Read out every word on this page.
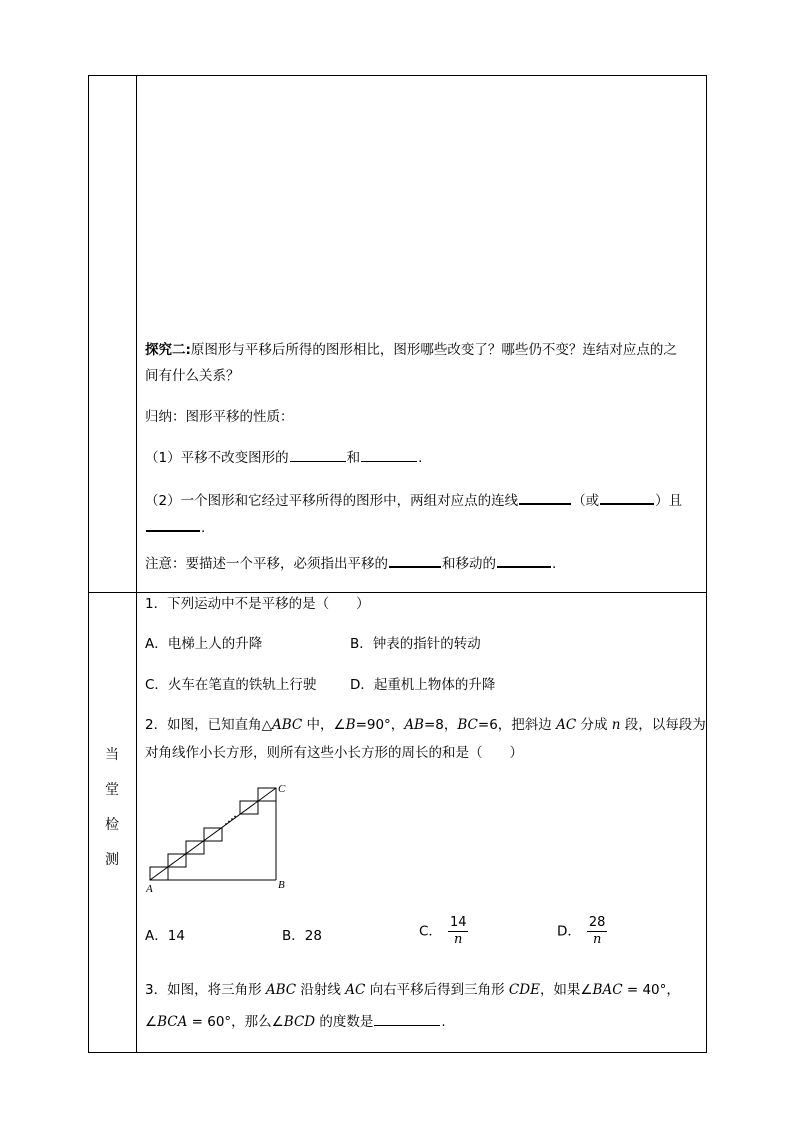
探究二:原图形与平移后所得的图形相比，图形哪些改变了？哪些仍不变？连结对应点的之
间有什么关系？
归纳：图形平移的性质：
（1）平移不改变图形的	和	.
（2）一个图形和它经过平移所得的图形中，两组对应点的连线	（或	）且
.
注意：要描述一个平移，必须指出平移的	和移动的	.
当
堂
检
测
1．下列运动中不是平移的是（　　）
A．电梯上人的升降	B．钟表的指针的转动
C．火车在笔直的铁轨上行驶 D．起重机上物体的升降
2．如图，已知直角△ABC 中，∠B=90°，AB=8，BC=6，把斜边 AC 分成 n 段，以每段为
对角线作小长方形，则所有这些小长方形的周长的和是（　　）
A	B
C
A．14	B．28	C． $\frac{14}{n}$	D． $\frac{28}{n}$
3．如图，将三角形 ABC 沿射线 AC 向右平移后得到三角形 CDE，如果∠BAC = 40°，
∠BCA = 60°，那么∠BCD 的度数是	.
